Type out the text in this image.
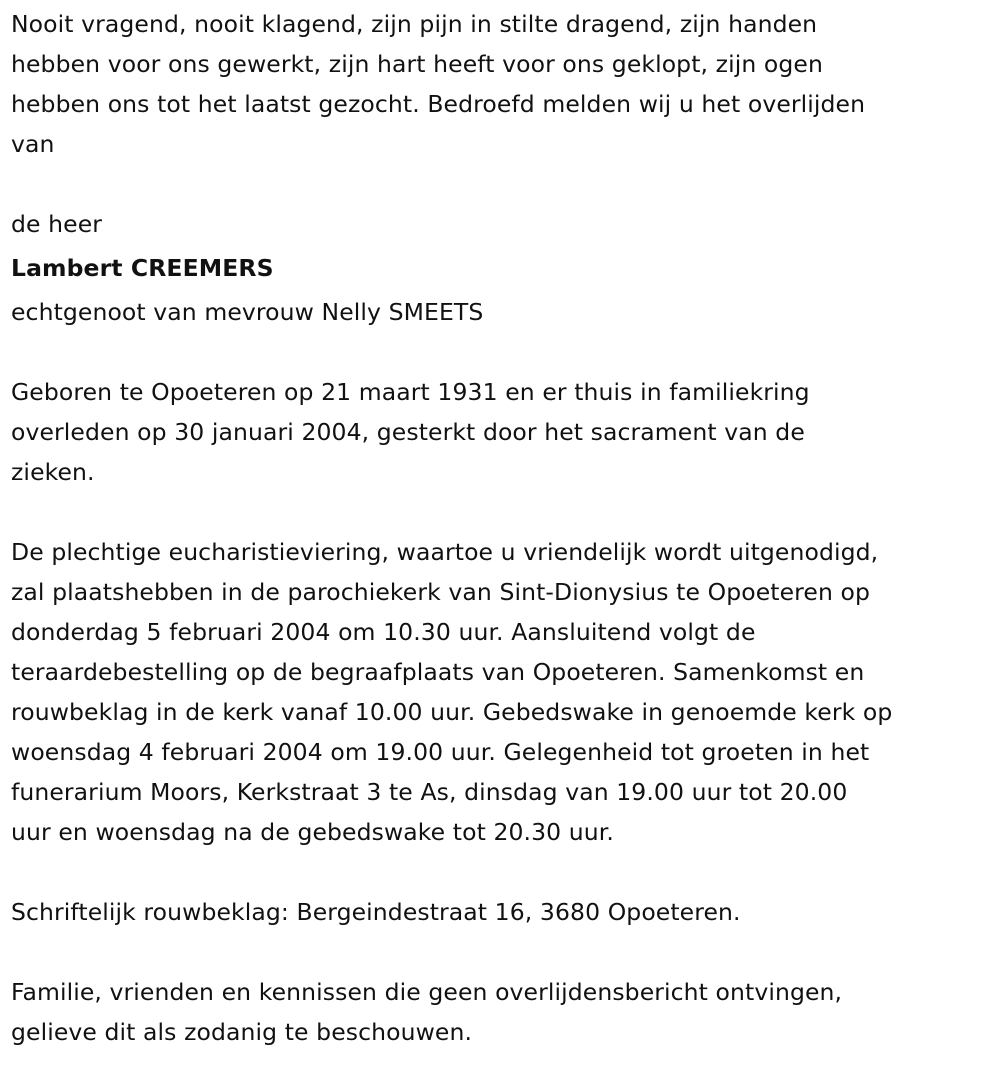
Nooit vragend, nooit klagend, zijn pijn in stilte dragend, zijn handen
hebben voor ons gewerkt, zijn hart heeft voor ons geklopt, zijn ogen
hebben ons tot het laatst gezocht. Bedroefd melden wij u het overlijden
van
de heer
Lambert CREEMERS
echtgenoot van mevrouw Nelly SMEETS
Geboren te Opoeteren op 21 maart 1931 en er thuis in familiekring
overleden op 30 januari 2004, gesterkt door het sacrament van de
zieken.
De plechtige eucharistieviering, waartoe u vriendelijk wordt uitgenodigd,
zal plaatshebben in de parochiekerk van Sint-Dionysius te Opoeteren op
donderdag 5 februari 2004 om 10.30 uur. Aansluitend volgt de
teraardebestelling op de begraafplaats van Opoeteren. Samenkomst en
rouwbeklag in de kerk vanaf 10.00 uur. Gebedswake in genoemde kerk op
woensdag 4 februari 2004 om 19.00 uur. Gelegenheid tot groeten in het
funerarium Moors, Kerkstraat 3 te As, dinsdag van 19.00 uur tot 20.00
uur en woensdag na de gebedswake tot 20.30 uur.
Schriftelijk rouwbeklag: Bergeindestraat 16, 3680 Opoeteren.
Familie, vrienden en kennissen die geen overlijdensbericht ontvingen,
gelieve dit als zodanig te beschouwen.
